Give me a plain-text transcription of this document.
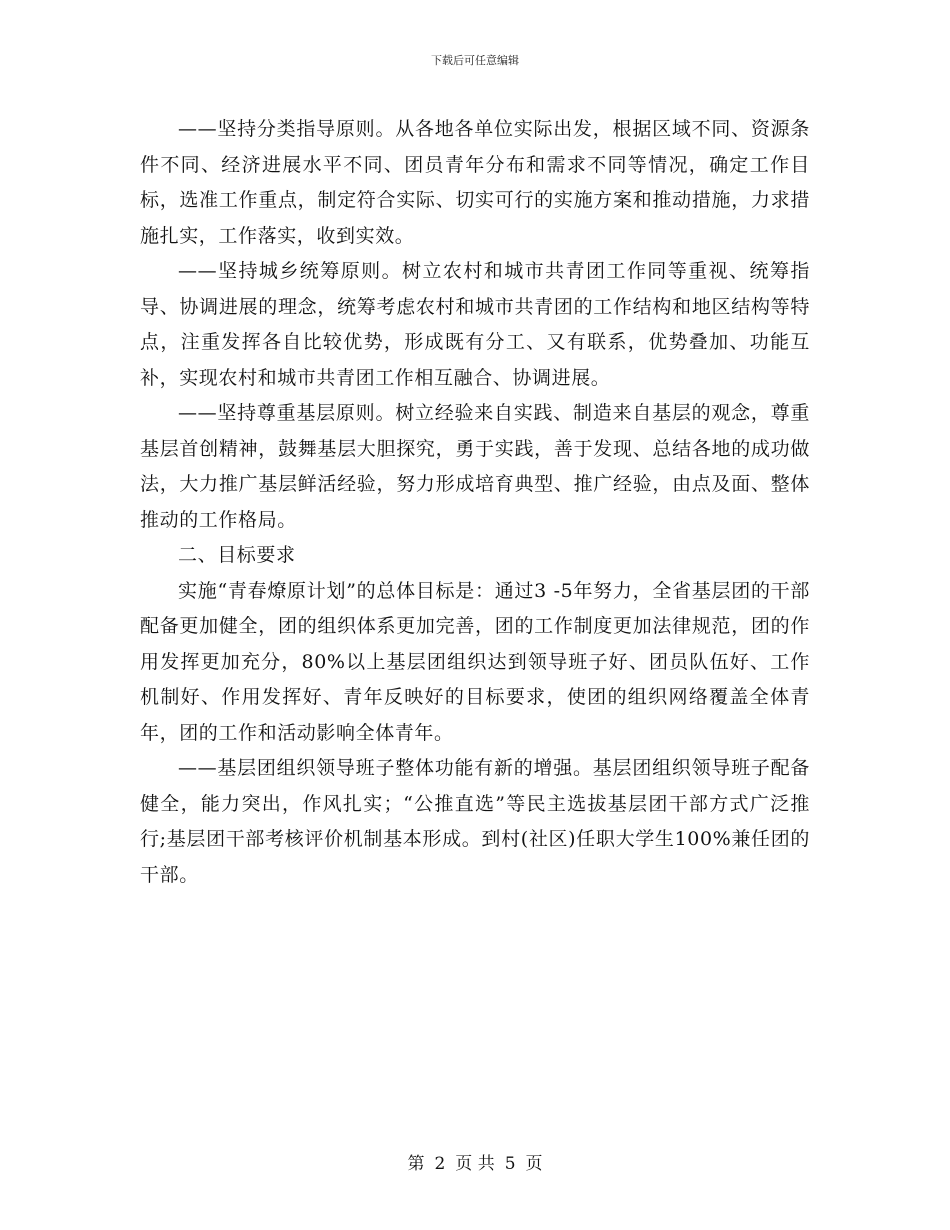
下载后可任意编辑

——坚持分类指导原则。从各地各单位实际出发，根据区域不同、资源条件不同、经济进展水平不同、团员青年分布和需求不同等情况，确定工作目标，选准工作重点，制定符合实际、切实可行的实施方案和推动措施，力求措施扎实，工作落实，收到实效。

——坚持城乡统筹原则。树立农村和城市共青团工作同等重视、统筹指导、协调进展的理念，统筹考虑农村和城市共青团的工作结构和地区结构等特点，注重发挥各自比较优势，形成既有分工、又有联系，优势叠加、功能互补，实现农村和城市共青团工作相互融合、协调进展。

——坚持尊重基层原则。树立经验来自实践、制造来自基层的观念，尊重基层首创精神，鼓舞基层大胆探究，勇于实践，善于发现、总结各地的成功做法，大力推广基层鲜活经验，努力形成培育典型、推广经验，由点及面、整体推动的工作格局。

二、目标要求

实施“青春燎原计划”的总体目标是：通过3 -5年努力，全省基层团的干部配备更加健全，团的组织体系更加完善，团的工作制度更加法律规范，团的作用发挥更加充分，80%以上基层团组织达到领导班子好、团员队伍好、工作机制好、作用发挥好、青年反映好的目标要求，使团的组织网络覆盖全体青年，团的工作和活动影响全体青年。

——基层团组织领导班子整体功能有新的增强。基层团组织领导班子配备健全，能力突出，作风扎实；“公推直选”等民主选拔基层团干部方式广泛推行;基层团干部考核评价机制基本形成。到村(社区)任职大学生100%兼任团的干部。

第 2 页 共 5 页
